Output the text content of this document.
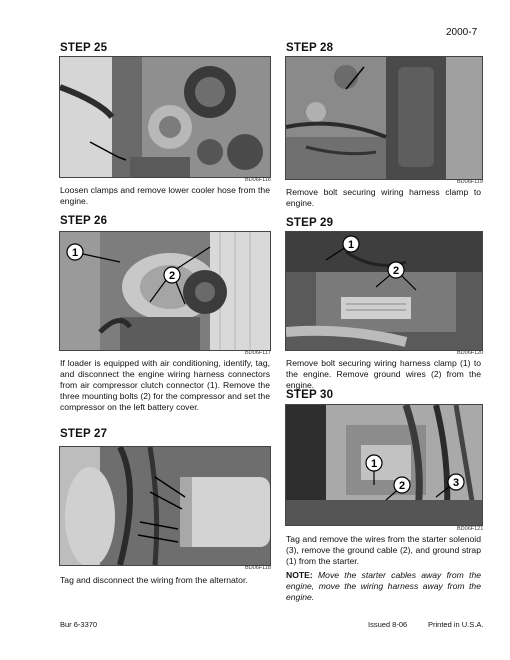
2000-7
STEP 25
BD06F116
Loosen clamps and remove lower cooler hose from the engine.
STEP 26
1
2
BD06F117
If loader is equipped with air conditioning, identify, tag, and disconnect the engine wiring harness connectors from air compressor clutch connector (1). Remove the three mounting bolts (2) for the compressor and set the compressor on the left battery cover.
STEP 27
BD06F118
Tag and disconnect the wiring from the alternator.
STEP 28
BD06F119
Remove bolt securing wiring harness clamp to engine.
STEP 29
1
2
BD06F120
Remove bolt securing wiring harness clamp (1) to the engine. Remove ground wires (2) from the engine.
STEP 30
1
2	3
BD06F121
Tag and remove the wires from the starter solenoid (3), remove the ground cable (2), and ground strap (1) from the starter.
NOTE: Move the starter cables away from the engine, move the wiring harness away from the engine.
Bur 6-3370	Issued 8-06	Printed in U.S.A.
